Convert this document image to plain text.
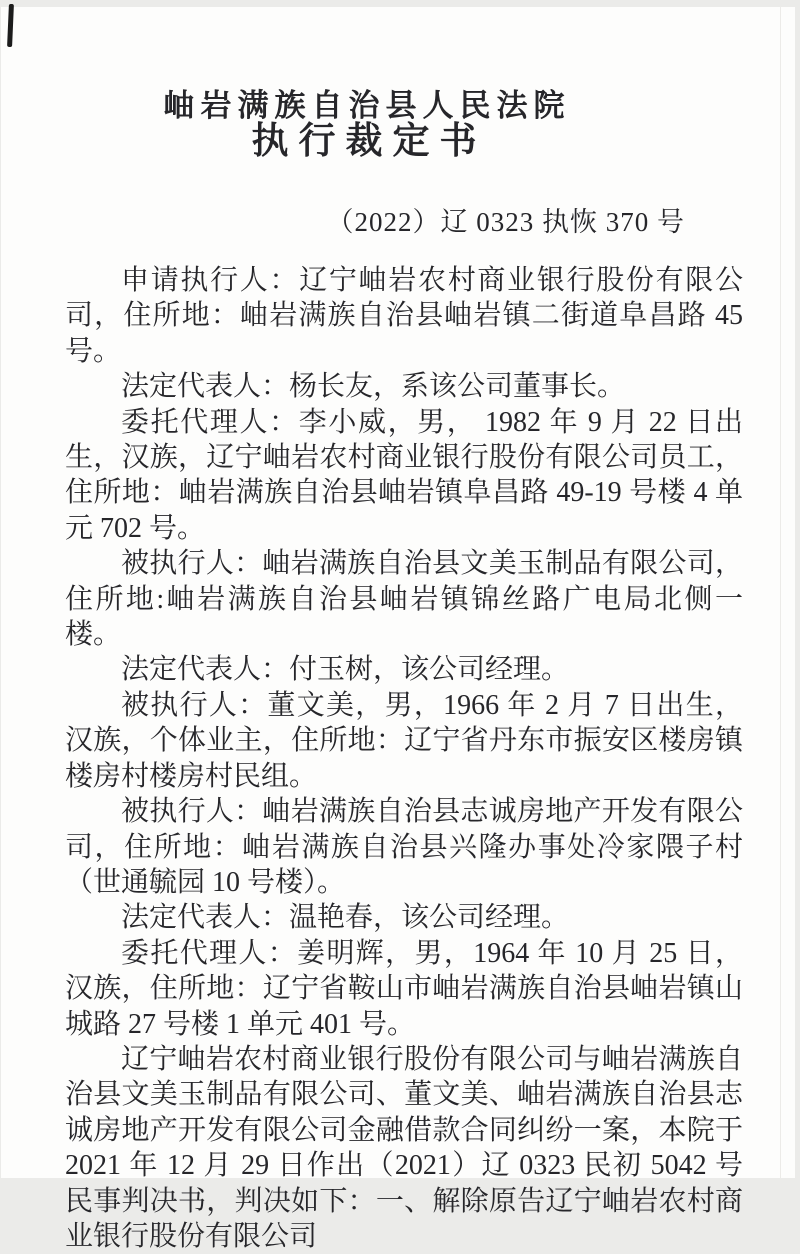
岫岩满族自治县人民法院
执行裁定书
（2022）辽 0323 执恢 370 号

申请执行人：辽宁岫岩农村商业银行股份有限公司，住所地：岫岩满族自治县岫岩镇二街道阜昌路 45 号。

法定代表人：杨长友，系该公司董事长。

委托代理人：李小威，男， 1982 年 9 月 22 日出生，汉族，辽宁岫岩农村商业银行股份有限公司员工，住所地：岫岩满族自治县岫岩镇阜昌路 49-19 号楼 4 单元 702 号。

被执行人：岫岩满族自治县文美玉制品有限公司，住所地:岫岩满族自治县岫岩镇锦丝路广电局北侧一楼。

法定代表人：付玉树，该公司经理。

被执行人：董文美，男，1966 年 2 月 7 日出生，汉族，个体业主，住所地：辽宁省丹东市振安区楼房镇楼房村楼房村民组。

被执行人：岫岩满族自治县志诚房地产开发有限公司，住所地：岫岩满族自治县兴隆办事处冷家隈子村（世通毓园 10 号楼）。

法定代表人：温艳春，该公司经理。

委托代理人：姜明辉，男，1964 年 10 月 25 日，汉族，住所地：辽宁省鞍山市岫岩满族自治县岫岩镇山城路 27 号楼 1 单元 401 号。

辽宁岫岩农村商业银行股份有限公司与岫岩满族自治县文美玉制品有限公司、董文美、岫岩满族自治县志诚房地产开发有限公司金融借款合同纠纷一案，本院于 2021 年 12 月 29 日作出（2021）辽 0323 民初 5042 号民事判决书，判决如下：一、解除原告辽宁岫岩农村商业银行股份有限公司
